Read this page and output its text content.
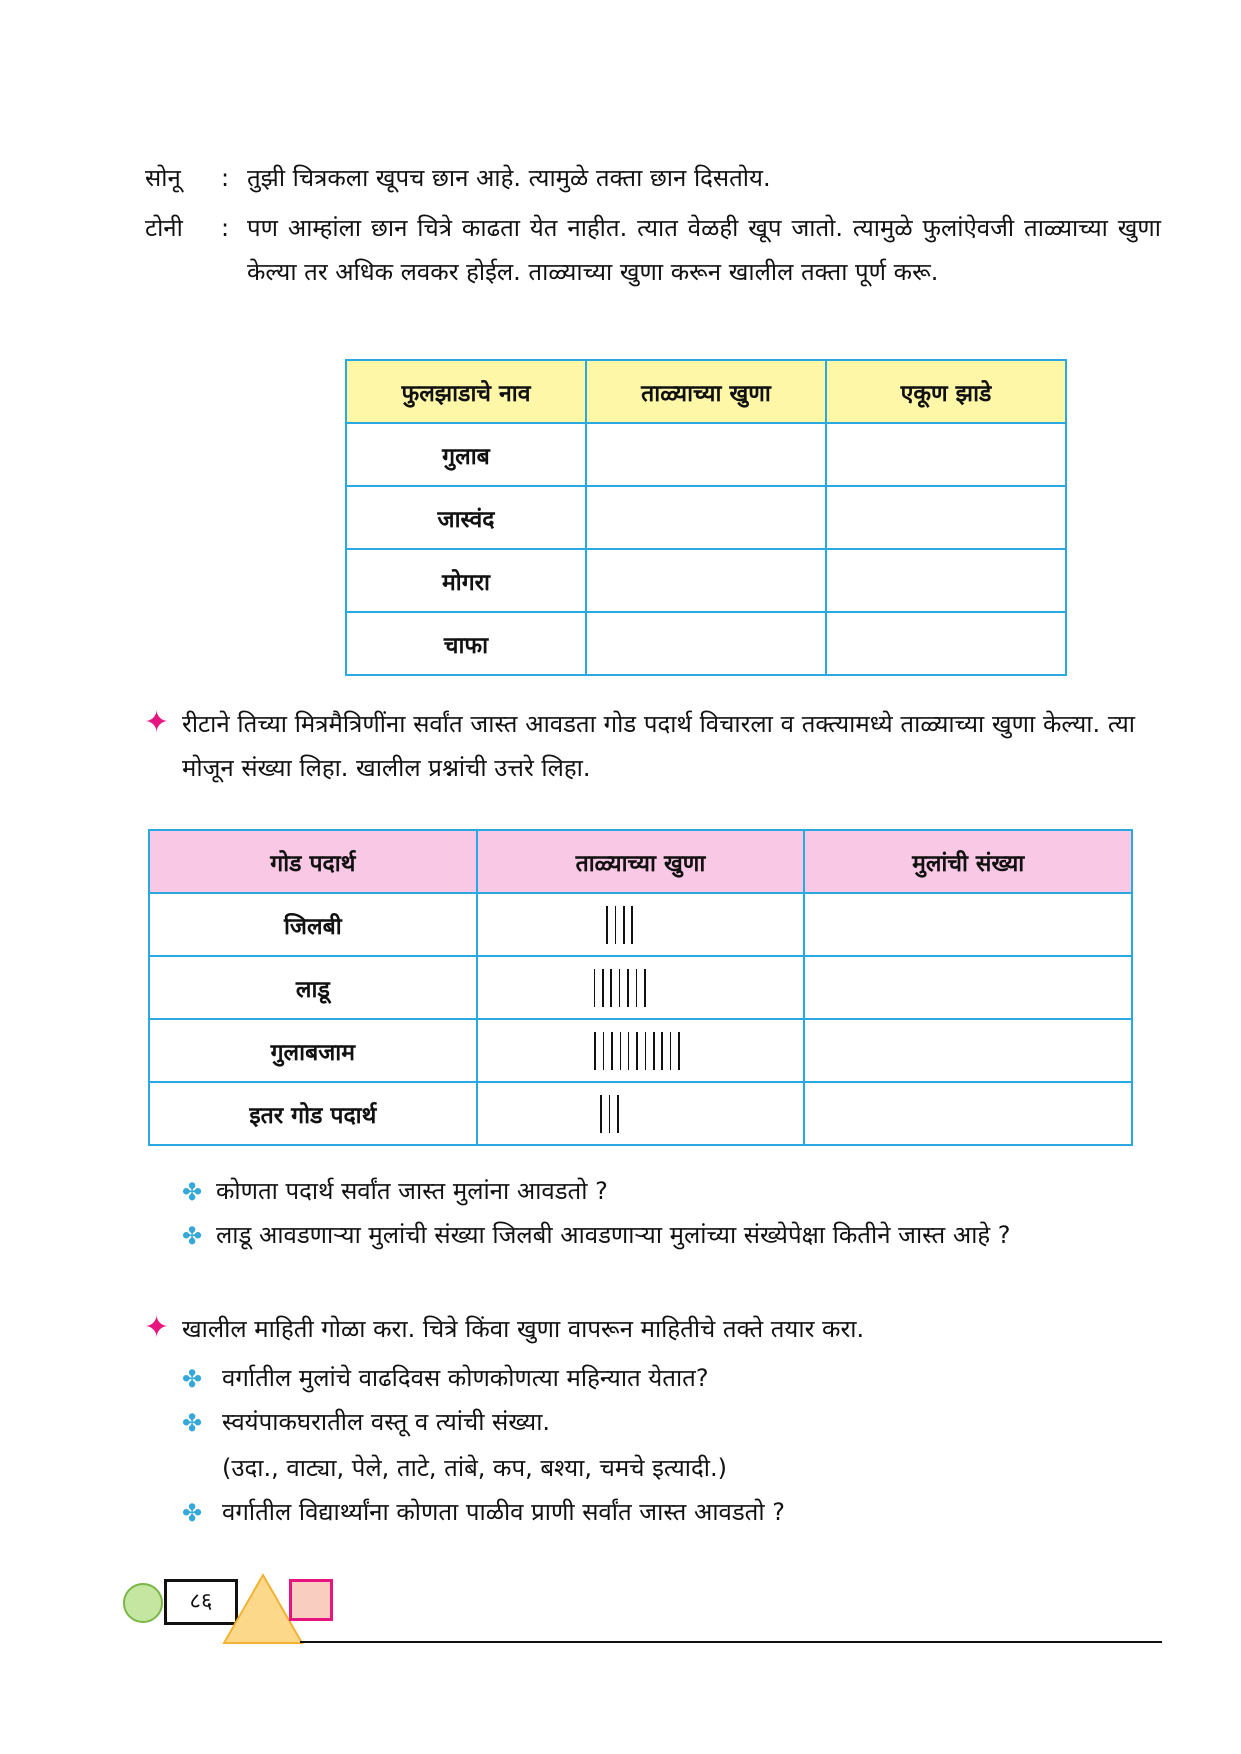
सोनू	: तुझी चित्रकला खूपच छान आहे. त्यामुळे तक्ता छान दिसतोय.
टोनी	: पण आम्हांला छान चित्रे काढता येत नाहीत. त्यात वेळही खूप जातो. त्यामुळे फुलांऐवजी ताळ्याच्या खुणा केल्या तर अधिक लवकर होईल. ताळ्याच्या खुणा करून खालील तक्ता पूर्ण करू.
फुलझाडाचे नाव	ताळ्याच्या खुणा	एकूण झाडे
गुलाब		
जास्वंद		
मोगरा		
चाफा		
✦ रीटाने तिच्या मित्रमैत्रिणींना सर्वांत जास्त आवडता गोड पदार्थ विचारला व तक्त्यामध्ये ताळ्याच्या खुणा केल्या. त्या मोजून संख्या लिहा. खालील प्रश्नांची उत्तरे लिहा.
गोड पदार्थ	ताळ्याच्या खुणा	मुलांची संख्या
जिलबी		
लाडू		
गुलाबजाम		
इतर गोड पदार्थ		
✤ कोणता पदार्थ सर्वांत जास्त मुलांना आवडतो ?
✤ लाडू आवडणाऱ्या मुलांची संख्या जिलबी आवडणाऱ्या मुलांच्या संख्येपेक्षा कितीने जास्त आहे ?
✦ खालील माहिती गोळा करा. चित्रे किंवा खुणा वापरून माहितीचे तक्ते तयार करा.
✤ वर्गातील मुलांचे वाढदिवस कोणकोणत्या महिन्यात येतात?
✤ स्वयंपाकघरातील वस्तू व त्यांची संख्या.
(उदा., वाट्या, पेले, ताटे, तांबे, कप, बश्या, चमचे इत्यादी.)
✤ वर्गातील विद्यार्थ्यांना कोणता पाळीव प्राणी सर्वांत जास्त आवडतो ?
८६
